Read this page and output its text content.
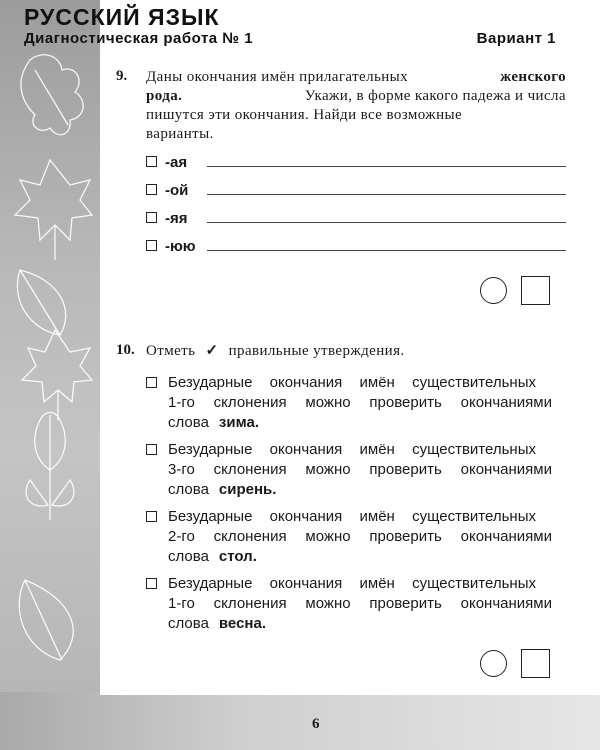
РУССКИЙ ЯЗЫК
Диагностическая работа № 1	Вариант 1
9. Даны окончания имён прилагательных	женского
рода.	Укажи, в форме какого падежа и числа
пишутся эти окончания. Найди все возможные
варианты.
-ая
-ой
-яя
-юю
10. Отметь ✓ правильные утверждения.
Безударные окончания имён существительных
1-го склонения можно проверить окончаниями
слова зима.
Безударные окончания имён существительных
3-го склонения можно проверить окончаниями
слова сирень.
Безударные окончания имён существительных
2-го склонения можно проверить окончаниями
слова стол.
Безударные окончания имён существительных
1-го склонения можно проверить окончаниями
слова весна.
6
